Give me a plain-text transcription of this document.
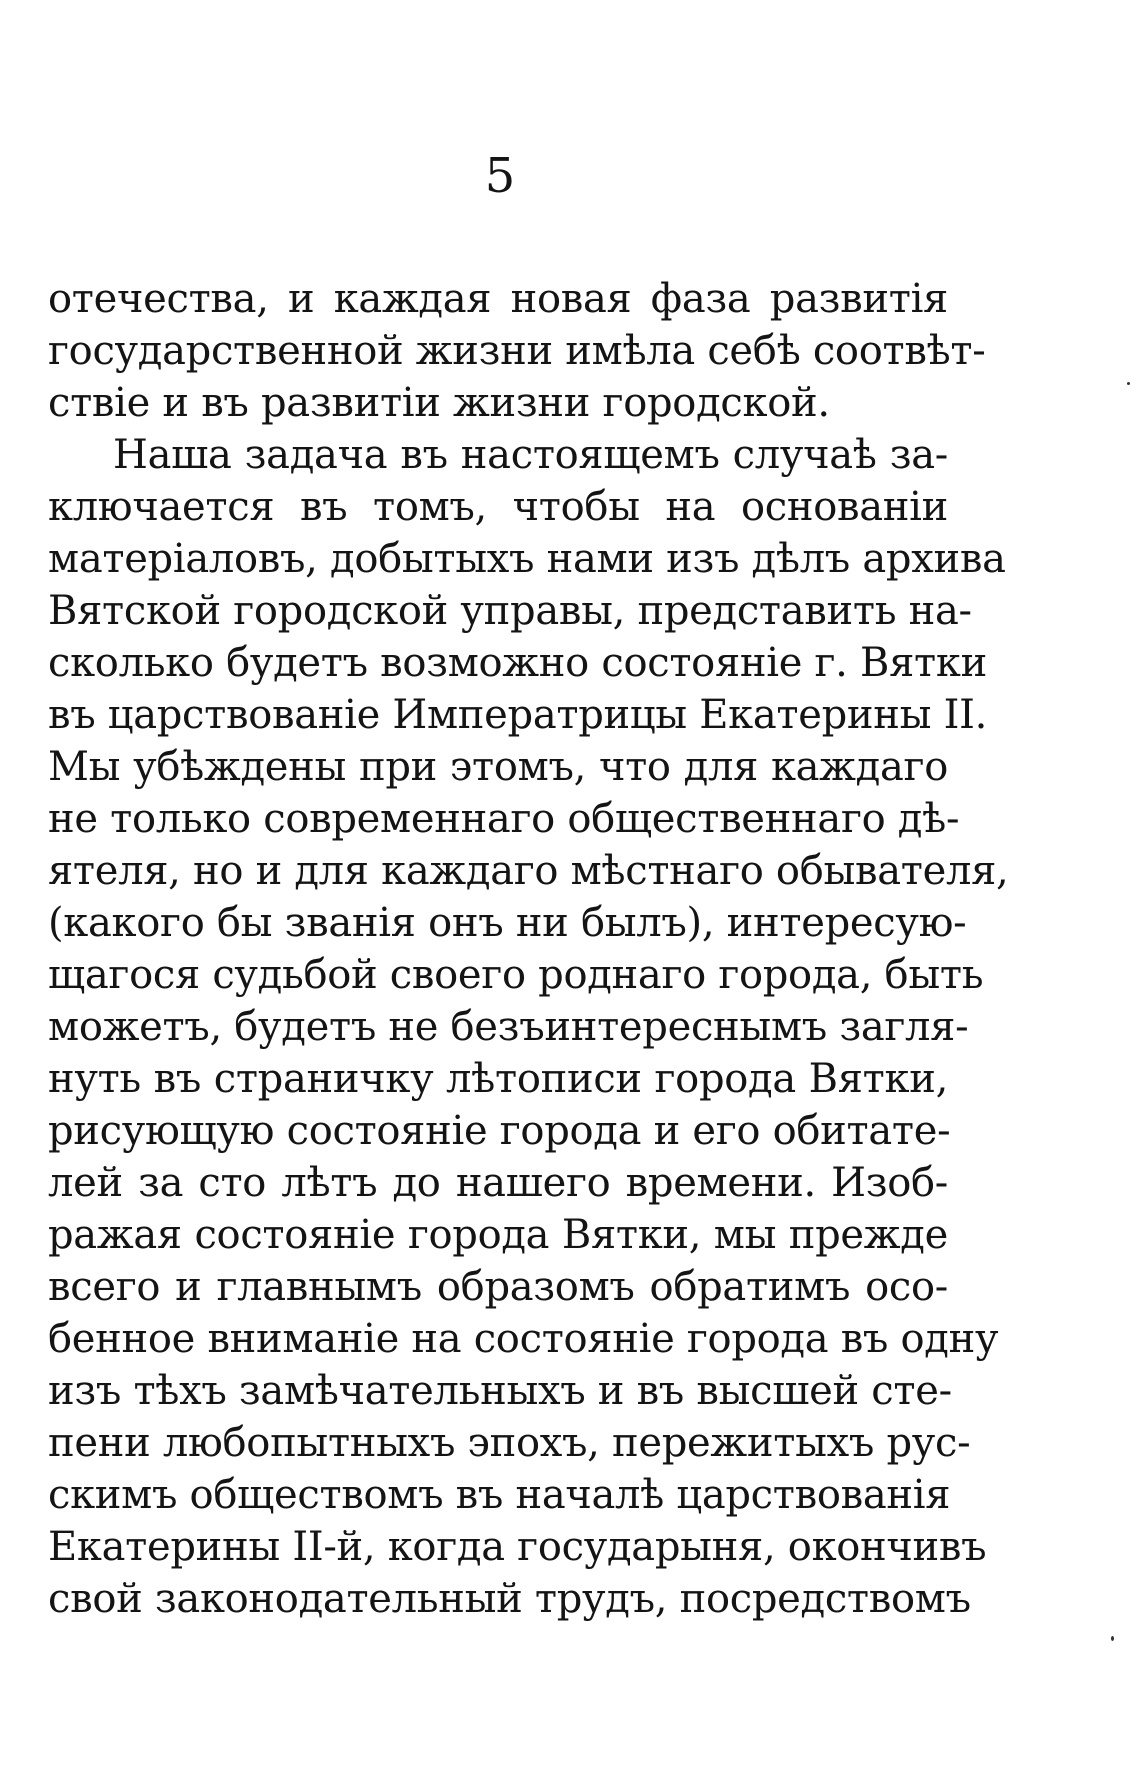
5
отечества, и каждая новая фаза развитія
государственной жизни имѣла себѣ соотвѣт-
ствіе и въ развитіи жизни городской.
Наша задача въ настоящемъ случаѣ за-
ключается въ томъ, чтобы на основаніи
матеріаловъ, добытыхъ нами изъ дѣлъ архива
Вятской городской управы, представить на-
сколько будетъ возможно состояніе г. Вятки
въ царствованіе Императрицы Екатерины II.
Мы убѣждены при этомъ, что для каждаго
не только современнаго общественнаго дѣ-
ятеля, но и для каждаго мѣстнаго обывателя,
(какого бы званія онъ ни былъ), интересую-
щагося судьбой своего роднаго города, быть
можетъ, будетъ не безъинтереснымъ загля-
нуть въ страничку лѣтописи города Вятки,
рисующую состояніе города и его обитате-
лей за сто лѣтъ до нашего времени. Изоб-
ражая состояніе города Вятки, мы прежде
всего и главнымъ образомъ обратимъ осо-
бенное вниманіе на состояніе города въ одну
изъ тѣхъ замѣчательныхъ и въ высшей сте-
пени любопытныхъ эпохъ, пережитыхъ рус-
скимъ обществомъ въ началѣ царствованія
Екатерины II-й, когда государыня, окончивъ
свой законодательный трудъ, посредствомъ
